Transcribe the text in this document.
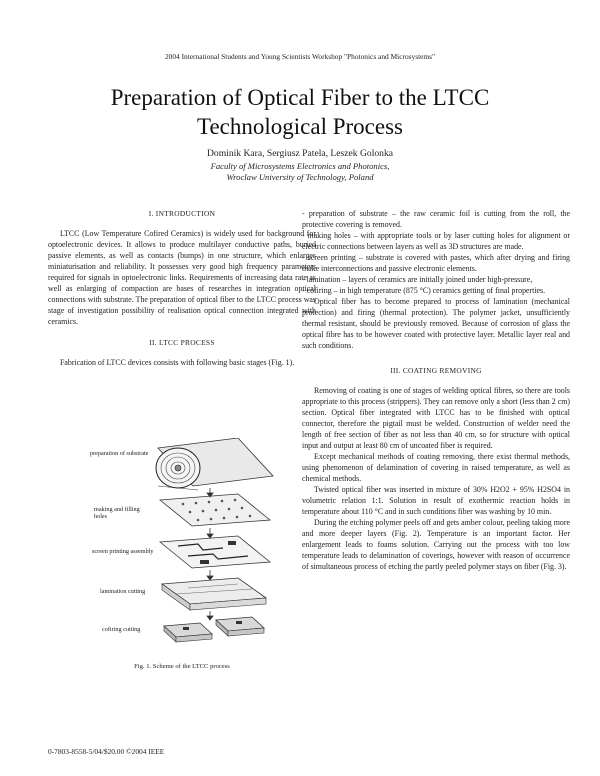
2004 International Students and Young Scientists Workshop "Photonics and Microsystems"
Preparation of Optical Fiber to the LTCC
Technological Process
Dominik Kara, Sergiusz Patela, Leszek Golonka
Faculty of Microsystems Electronics and Photonics,
Wroclaw University of Technology, Poland

I. INTRODUCTION

LTCC (Low Temperature Cofired Ceramics) is widely used for background for optoelectronic devices. It allows to produce multilayer conductive paths, buried passive elements, as well as contacts (bumps) in one structure, which enlarges miniaturisation and reliability. It possesses very good high frequency parameters required for signals in optoelectronic links. Requirements of increasing data rate as well as enlarging of compaction are bases of researches in integration optical connections with substrate. The preparation of optical fiber to the LTCC process was stage of investigation possibility of realisation optical connection integrated with ceramics.

II. LTCC PROCESS

Fabrication of LTCC devices consists with following basic stages (Fig. 1).

preparation of substrate
making and filling holes
screen printing assembly
lamination cutting
cofiring cutting
Fig. 1. Scheme of the LTCC process

- preparation of substrate – the raw ceramic foil is cutting from the roll, the protective covering is removed.

- making holes – with appropriate tools or by laser cutting holes for alignment or electric connections between layers as well as 3D structures are made.

- screen printing – substrate is covered with pastes, which after drying and firing make interconnections and passive electronic elements.

- lamination – layers of ceramics are initially joined under high-pressure,

- cofiring – in high temperature (875 °C) ceramics getting of final properties.

Optical fiber has to become prepared to process of lamination (mechanical protection) and firing (thermal protection). The polymer jacket, unsufficiently thermal resistant, should be previously removed. Because of corrosion of glass the optical fibre has to be however coated with protective layer. Metallic layer real and such conditions.

III. COATING REMOVING

Removing of coating is one of stages of welding optical fibres, so there are tools appropriate to this process (strippers). They can remove only a short (less than 2 cm) section. Optical fiber integrated with LTCC has to be finished with optical connector, therefore the pigtail must be welded. Construction of welder need the length of free section of fiber as not less than 40 cm, so for structure with optical input and output at least 80 cm of uncoated fiber is required.

Except mechanical methods of coating removing, there exist thermal methods, using phenomenon of delamination of covering in raised temperature, as well as chemical methods.

Twisted optical fiber was inserted in mixture of 30% H2O2 + 95% H2SO4 in volumetric relation 1:1. Solution in result of exothermic reaction holds in temperature about 110 °C and in such conditions fiber was washing by 10 min.

During the etching polymer peels off and gets amber colour, peeling taking more and more deeper layers (Fig. 2). Temperature is an important factor. Her enlargement leads to foams solution. Carrying out the process with too low temperature leads to delamination of coverings, however with reason of occurrence of simultaneous process of etching the partly peeled polymer stays on fiber (Fig. 3).

0-7803-8558-5/04/$20.00 ©2004 IEEE
